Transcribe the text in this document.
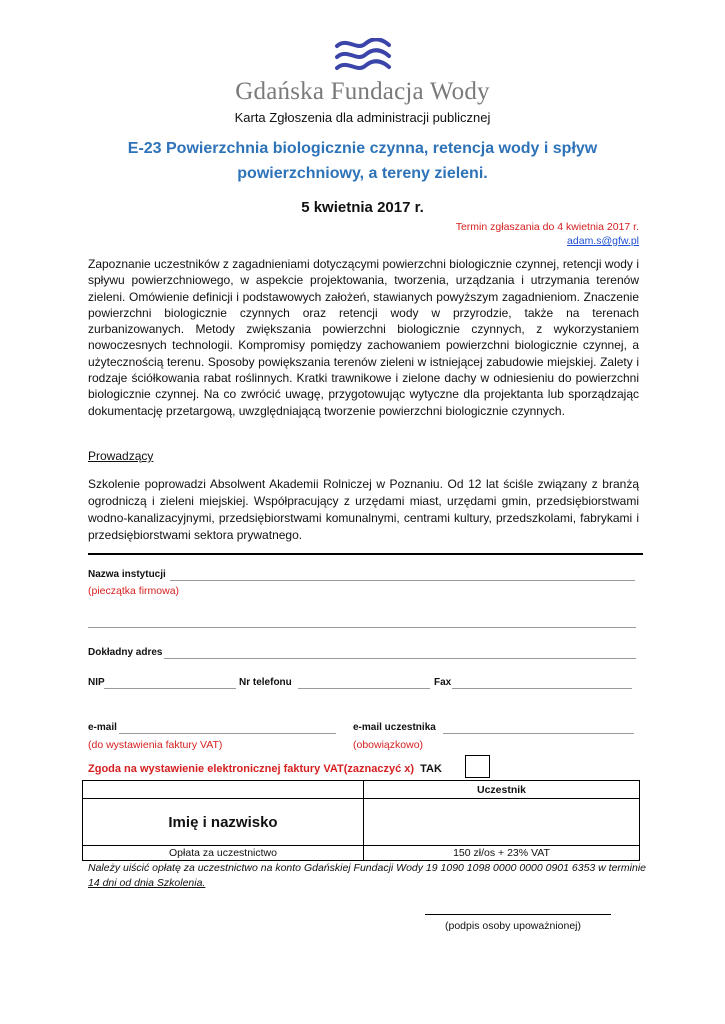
Gdańska Fundacja Wody
Karta Zgłoszenia dla administracji publicznej
E-23 Powierzchnia biologicznie czynna, retencja wody i spływ
powierzchniowy, a tereny zieleni.
5 kwietnia 2017 r.
Termin zgłaszania do 4 kwietnia 2017 r.
adam.s@gfw.pl
Zapoznanie uczestników z zagadnieniami dotyczącymi powierzchni biologicznie czynnej, retencji wody i spływu powierzchniowego, w aspekcie projektowania, tworzenia, urządzania i utrzymania terenów zieleni. Omówienie definicji i podstawowych założeń, stawianych powyższym zagadnieniom. Znaczenie powierzchni biologicznie czynnych oraz retencji wody w przyrodzie, także na terenach zurbanizowanych. Metody zwiększania powierzchni biologicznie czynnych, z wykorzystaniem nowoczesnych technologii. Kompromisy pomiędzy zachowaniem powierzchni biologicznie czynnej, a użytecznością terenu. Sposoby powiększania terenów zieleni w istniejącej zabudowie miejskiej. Zalety i rodzaje ściółkowania rabat roślinnych. Kratki trawnikowe i zielone dachy w odniesieniu do powierzchni biologicznie czynnej. Na co zwrócić uwagę, przygotowując wytyczne dla projektanta lub sporządzając dokumentację przetargową, uwzględniającą tworzenie powierzchni biologicznie czynnych.
Prowadzący
Szkolenie poprowadzi Absolwent Akademii Rolniczej w Poznaniu. Od 12 lat ściśle związany z branżą ogrodniczą i zieleni miejskiej. Współpracujący z urzędami miast, urzędami gmin, przedsiębiorstwami wodno-kanalizacyjnymi, przedsiębiorstwami komunalnymi, centrami kultury, przedszkolami, fabrykami i przedsiębiorstwami sektora prywatnego.
Nazwa instytucji
(pieczątka firmowa)
Dokładny adres
NIP	Nr telefonu	Fax
e-mail
(do wystawienia faktury VAT)
e-mail uczestnika
(obowiązkowo)
Zgoda na wystawienie elektronicznej faktury VAT(zaznaczyć x) TAK
	Uczestnik
Imię i nazwisko	
Opłata za uczestnictwo	150 zł/os + 23% VAT
Należy uiścić opłatę za uczestnictwo na konto Gdańskiej Fundacji Wody 19 1090 1098 0000 0000 0901 6353 w terminie 14 dni od dnia Szkolenia.
(podpis osoby upoważnionej)
